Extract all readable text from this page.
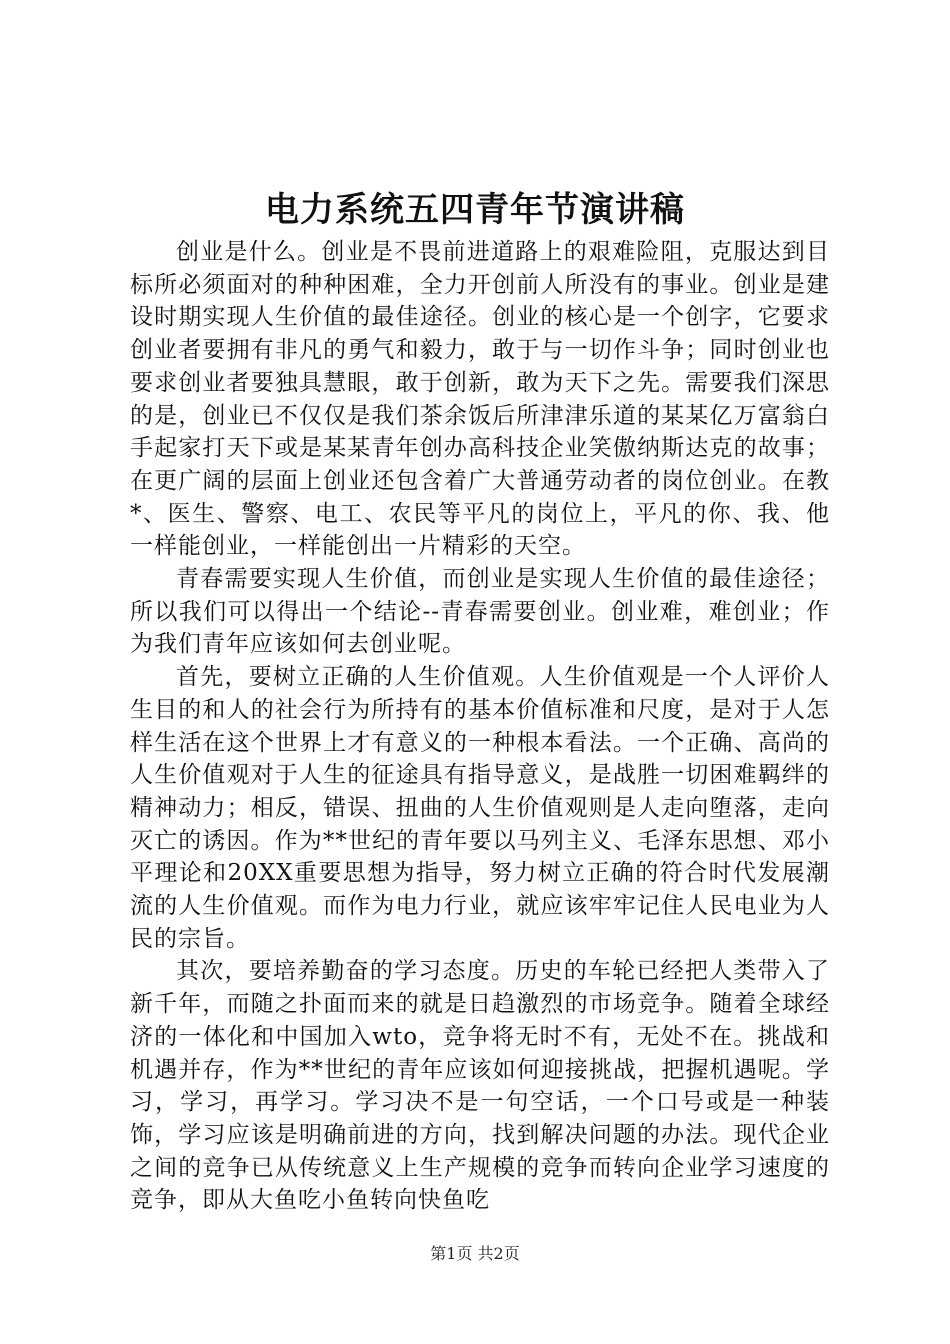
电力系统五四青年节演讲稿

创业是什么。创业是不畏前进道路上的艰难险阻，克服达到目标所必须面对的种种困难，全力开创前人所没有的事业。创业是建设时期实现人生价值的最佳途径。创业的核心是一个创字，它要求创业者要拥有非凡的勇气和毅力，敢于与一切作斗争；同时创业也要求创业者要独具慧眼，敢于创新，敢为天下之先。需要我们深思的是，创业已不仅仅是我们茶余饭后所津津乐道的某某亿万富翁白手起家打天下或是某某青年创办高科技企业笑傲纳斯达克的故事；在更广阔的层面上创业还包含着广大普通劳动者的岗位创业。在教*、医生、警察、电工、农民等平凡的岗位上，平凡的你、我、他一样能创业，一样能创出一片精彩的天空。

青春需要实现人生价值，而创业是实现人生价值的最佳途径；所以我们可以得出一个结论--青春需要创业。创业难，难创业；作为我们青年应该如何去创业呢。

首先，要树立正确的人生价值观。人生价值观是一个人评价人生目的和人的社会行为所持有的基本价值标准和尺度，是对于人怎样生活在这个世界上才有意义的一种根本看法。一个正确、高尚的人生价值观对于人生的征途具有指导意义，是战胜一切困难羁绊的精神动力；相反，错误、扭曲的人生价值观则是人走向堕落，走向灭亡的诱因。作为**世纪的青年要以马列主义、毛泽东思想、邓小平理论和20XX重要思想为指导，努力树立正确的符合时代发展潮流的人生价值观。而作为电力行业，就应该牢牢记住人民电业为人民的宗旨。

其次，要培养勤奋的学习态度。历史的车轮已经把人类带入了新千年，而随之扑面而来的就是日趋激烈的市场竞争。随着全球经济的一体化和中国加入wto，竞争将无时不有，无处不在。挑战和机遇并存，作为**世纪的青年应该如何迎接挑战，把握机遇呢。学习，学习，再学习。学习决不是一句空话，一个口号或是一种装饰，学习应该是明确前进的方向，找到解决问题的办法。现代企业之间的竞争已从传统意义上生产规模的竞争而转向企业学习速度的竞争，即从大鱼吃小鱼转向快鱼吃

第1页 共2页
